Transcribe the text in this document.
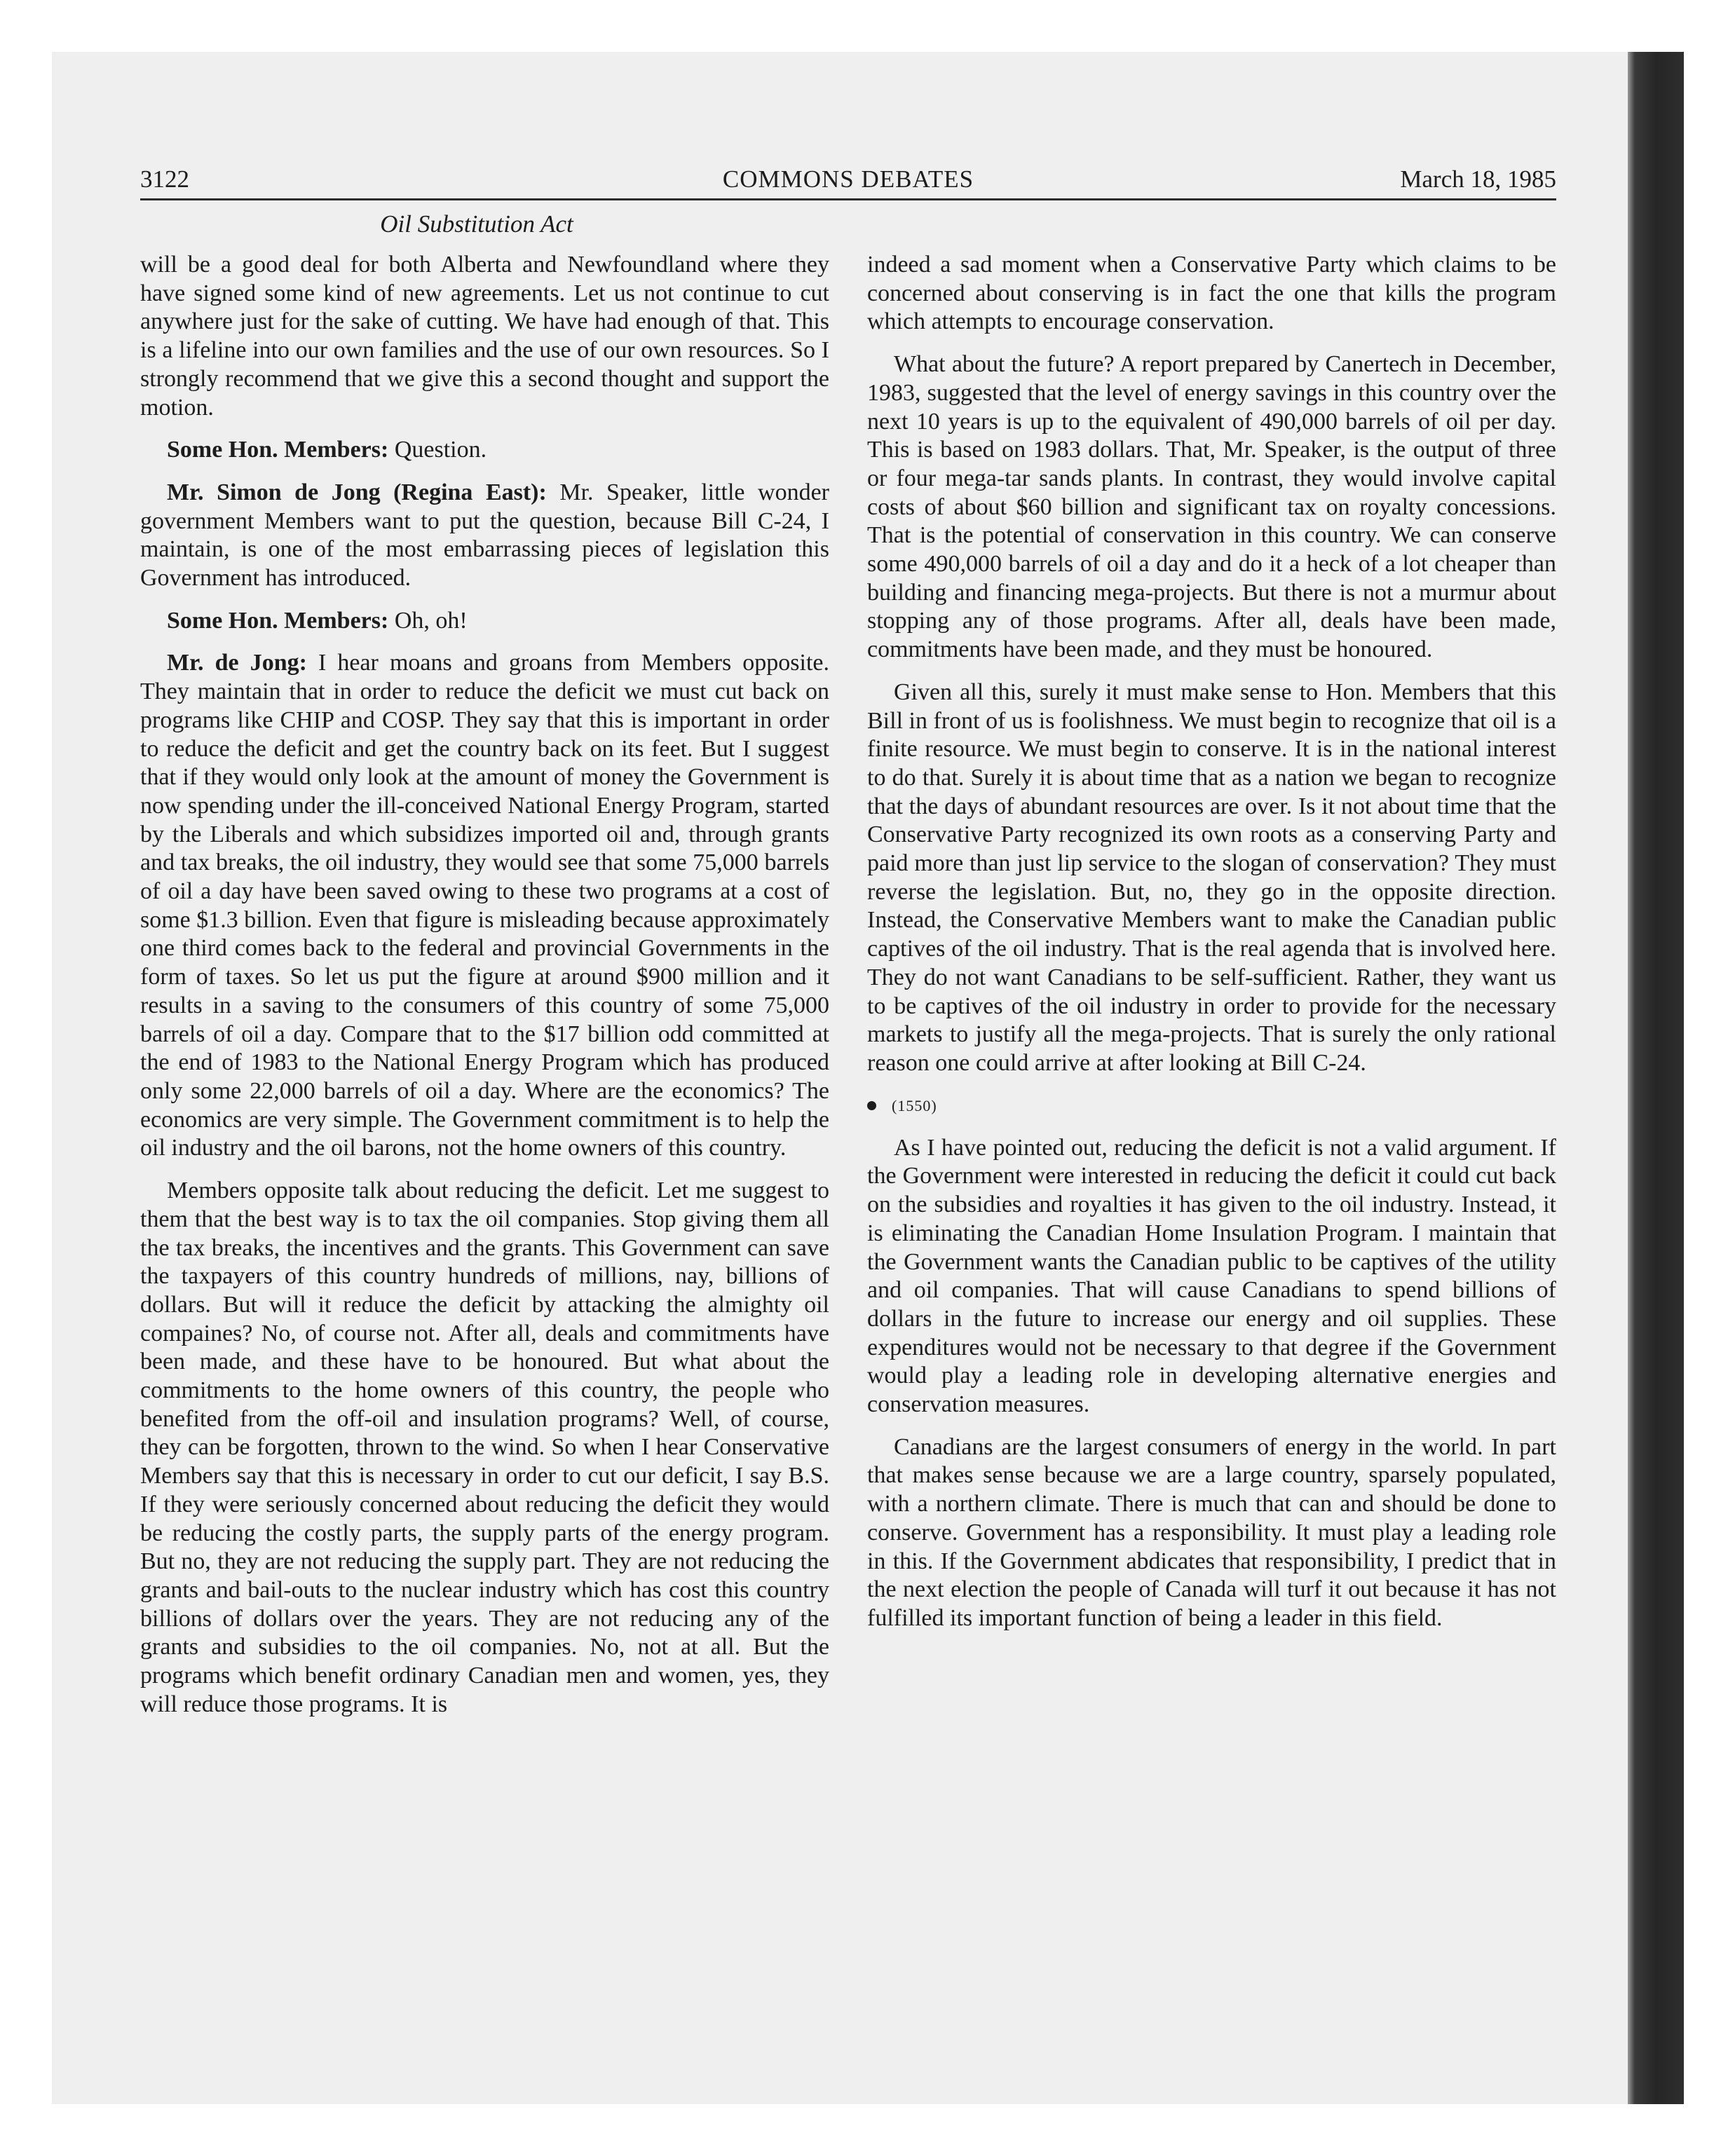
3122	COMMONS DEBATES	March 18, 1985
Oil Substitution Act

will be a good deal for both Alberta and Newfoundland where they have signed some kind of new agreements. Let us not continue to cut anywhere just for the sake of cutting. We have had enough of that. This is a lifeline into our own families and the use of our own resources. So I strongly recommend that we give this a second thought and support the motion.

Some Hon. Members: Question.

Mr. Simon de Jong (Regina East): Mr. Speaker, little wonder government Members want to put the question, because Bill C-24, I maintain, is one of the most embarrassing pieces of legislation this Government has introduced.

Some Hon. Members: Oh, oh!

Mr. de Jong: I hear moans and groans from Members opposite. They maintain that in order to reduce the deficit we must cut back on programs like CHIP and COSP. They say that this is important in order to reduce the deficit and get the country back on its feet. But I suggest that if they would only look at the amount of money the Government is now spending under the ill-conceived National Energy Program, started by the Liberals and which subsidizes imported oil and, through grants and tax breaks, the oil industry, they would see that some 75,000 barrels of oil a day have been saved owing to these two programs at a cost of some $1.3 billion. Even that figure is misleading because approximately one third comes back to the federal and provincial Governments in the form of taxes. So let us put the figure at around $900 million and it results in a saving to the consumers of this country of some 75,000 barrels of oil a day. Compare that to the $17 billion odd committed at the end of 1983 to the National Energy Program which has produced only some 22,000 barrels of oil a day. Where are the economics? The economics are very simple. The Government commitment is to help the oil industry and the oil barons, not the home owners of this country.

Members opposite talk about reducing the deficit. Let me suggest to them that the best way is to tax the oil companies. Stop giving them all the tax breaks, the incentives and the grants. This Government can save the taxpayers of this country hundreds of millions, nay, billions of dollars. But will it reduce the deficit by attacking the almighty oil compaines? No, of course not. After all, deals and commitments have been made, and these have to be honoured. But what about the commitments to the home owners of this country, the people who benefited from the off-oil and insulation programs? Well, of course, they can be forgotten, thrown to the wind. So when I hear Conservative Members say that this is necessary in order to cut our deficit, I say B.S. If they were seriously concerned about reducing the deficit they would be reducing the costly parts, the supply parts of the energy program. But no, they are not reducing the supply part. They are not reducing the grants and bail-outs to the nuclear industry which has cost this country billions of dollars over the years. They are not reducing any of the grants and subsidies to the oil companies. No, not at all. But the programs which benefit ordinary Canadian men and women, yes, they will reduce those programs. It is

indeed a sad moment when a Conservative Party which claims to be concerned about conserving is in fact the one that kills the program which attempts to encourage conservation.

What about the future? A report prepared by Canertech in December, 1983, suggested that the level of energy savings in this country over the next 10 years is up to the equivalent of 490,000 barrels of oil per day. This is based on 1983 dollars. That, Mr. Speaker, is the output of three or four mega-tar sands plants. In contrast, they would involve capital costs of about $60 billion and significant tax on royalty concessions. That is the potential of conservation in this country. We can conserve some 490,000 barrels of oil a day and do it a heck of a lot cheaper than building and financing mega-projects. But there is not a murmur about stopping any of those programs. After all, deals have been made, commitments have been made, and they must be honoured.

Given all this, surely it must make sense to Hon. Members that this Bill in front of us is foolishness. We must begin to recognize that oil is a finite resource. We must begin to conserve. It is in the national interest to do that. Surely it is about time that as a nation we began to recognize that the days of abundant resources are over. Is it not about time that the Conservative Party recognized its own roots as a conserving Party and paid more than just lip service to the slogan of conservation? They must reverse the legislation. But, no, they go in the opposite direction. Instead, the Conservative Members want to make the Canadian public captives of the oil industry. That is the real agenda that is involved here. They do not want Canadians to be self-sufficient. Rather, they want us to be captives of the oil industry in order to provide for the necessary markets to justify all the mega-projects. That is surely the only rational reason one could arrive at after looking at Bill C-24.

(1550)

As I have pointed out, reducing the deficit is not a valid argument. If the Government were interested in reducing the deficit it could cut back on the subsidies and royalties it has given to the oil industry. Instead, it is eliminating the Canadian Home Insulation Program. I maintain that the Government wants the Canadian public to be captives of the utility and oil companies. That will cause Canadians to spend billions of dollars in the future to increase our energy and oil supplies. These expenditures would not be necessary to that degree if the Government would play a leading role in developing alternative energies and conservation measures.

Canadians are the largest consumers of energy in the world. In part that makes sense because we are a large country, sparsely populated, with a northern climate. There is much that can and should be done to conserve. Government has a responsibility. It must play a leading role in this. If the Government abdicates that responsibility, I predict that in the next election the people of Canada will turf it out because it has not fulfilled its important function of being a leader in this field.
